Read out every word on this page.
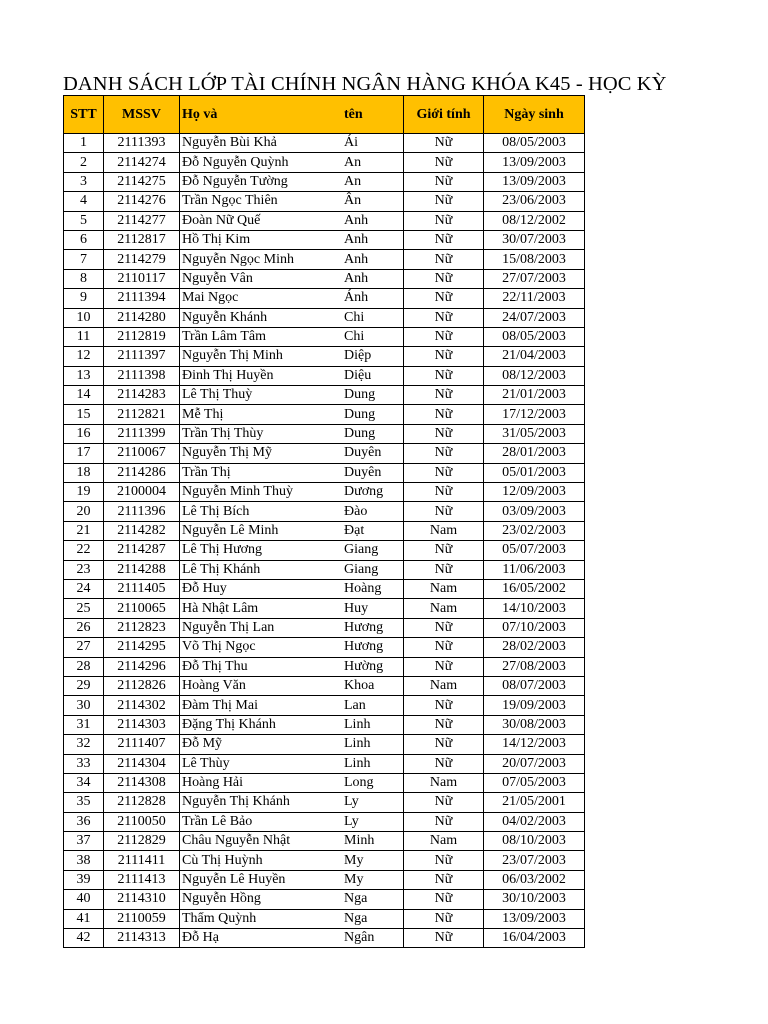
DANH SÁCH LỚP TÀI CHÍNH NGÂN HÀNG KHÓA K45 - HỌC KỲ
STT	MSSV	Họ và	tên	Giới tính	Ngày sinh
1	2111393	Nguyễn Bùi Khả	Ái	Nữ	08/05/2003
2	2114274	Đỗ Nguyễn Quỳnh	An	Nữ	13/09/2003
3	2114275	Đỗ Nguyễn Tường	An	Nữ	13/09/2003
4	2114276	Trần Ngọc Thiên	Ân	Nữ	23/06/2003
5	2114277	Đoàn Nữ Quế	Anh	Nữ	08/12/2002
6	2112817	Hồ Thị Kim	Anh	Nữ	30/07/2003
7	2114279	Nguyễn Ngọc Minh	Anh	Nữ	15/08/2003
8	2110117	Nguyễn Vân	Anh	Nữ	27/07/2003
9	2111394	Mai Ngọc	Ánh	Nữ	22/11/2003
10	2114280	Nguyễn Khánh	Chi	Nữ	24/07/2003
11	2112819	Trần Lâm Tâm	Chi	Nữ	08/05/2003
12	2111397	Nguyễn Thị Minh	Diệp	Nữ	21/04/2003
13	2111398	Đinh Thị Huyền	Diệu	Nữ	08/12/2003
14	2114283	Lê Thị Thuỳ	Dung	Nữ	21/01/2003
15	2112821	Mễ Thị	Dung	Nữ	17/12/2003
16	2111399	Trần Thị Thùy	Dung	Nữ	31/05/2003
17	2110067	Nguyễn Thị Mỹ	Duyên	Nữ	28/01/2003
18	2114286	Trần Thị	Duyên	Nữ	05/01/2003
19	2100004	Nguyễn Minh Thuỳ	Dương	Nữ	12/09/2003
20	2111396	Lê Thị Bích	Đào	Nữ	03/09/2003
21	2114282	Nguyễn Lê Minh	Đạt	Nam	23/02/2003
22	2114287	Lê Thị Hương	Giang	Nữ	05/07/2003
23	2114288	Lê Thị Khánh	Giang	Nữ	11/06/2003
24	2111405	Đỗ Huy	Hoàng	Nam	16/05/2002
25	2110065	Hà Nhật Lâm	Huy	Nam	14/10/2003
26	2112823	Nguyễn Thị Lan	Hương	Nữ	07/10/2003
27	2114295	Võ Thị Ngọc	Hương	Nữ	28/02/2003
28	2114296	Đỗ Thị Thu	Hường	Nữ	27/08/2003
29	2112826	Hoàng Văn	Khoa	Nam	08/07/2003
30	2114302	Đàm Thị Mai	Lan	Nữ	19/09/2003
31	2114303	Đặng Thị Khánh	Linh	Nữ	30/08/2003
32	2111407	Đỗ Mỹ	Linh	Nữ	14/12/2003
33	2114304	Lê Thùy	Linh	Nữ	20/07/2003
34	2114308	Hoàng Hải	Long	Nam	07/05/2003
35	2112828	Nguyễn Thị Khánh	Ly	Nữ	21/05/2001
36	2110050	Trần Lê Bảo	Ly	Nữ	04/02/2003
37	2112829	Châu Nguyễn Nhật	Minh	Nam	08/10/2003
38	2111411	Cù Thị Huỳnh	My	Nữ	23/07/2003
39	2111413	Nguyễn Lê Huyền	My	Nữ	06/03/2002
40	2114310	Nguyễn Hồng	Nga	Nữ	30/10/2003
41	2110059	Thẩm Quỳnh	Nga	Nữ	13/09/2003
42	2114313	Đỗ Hạ	Ngân	Nữ	16/04/2003
